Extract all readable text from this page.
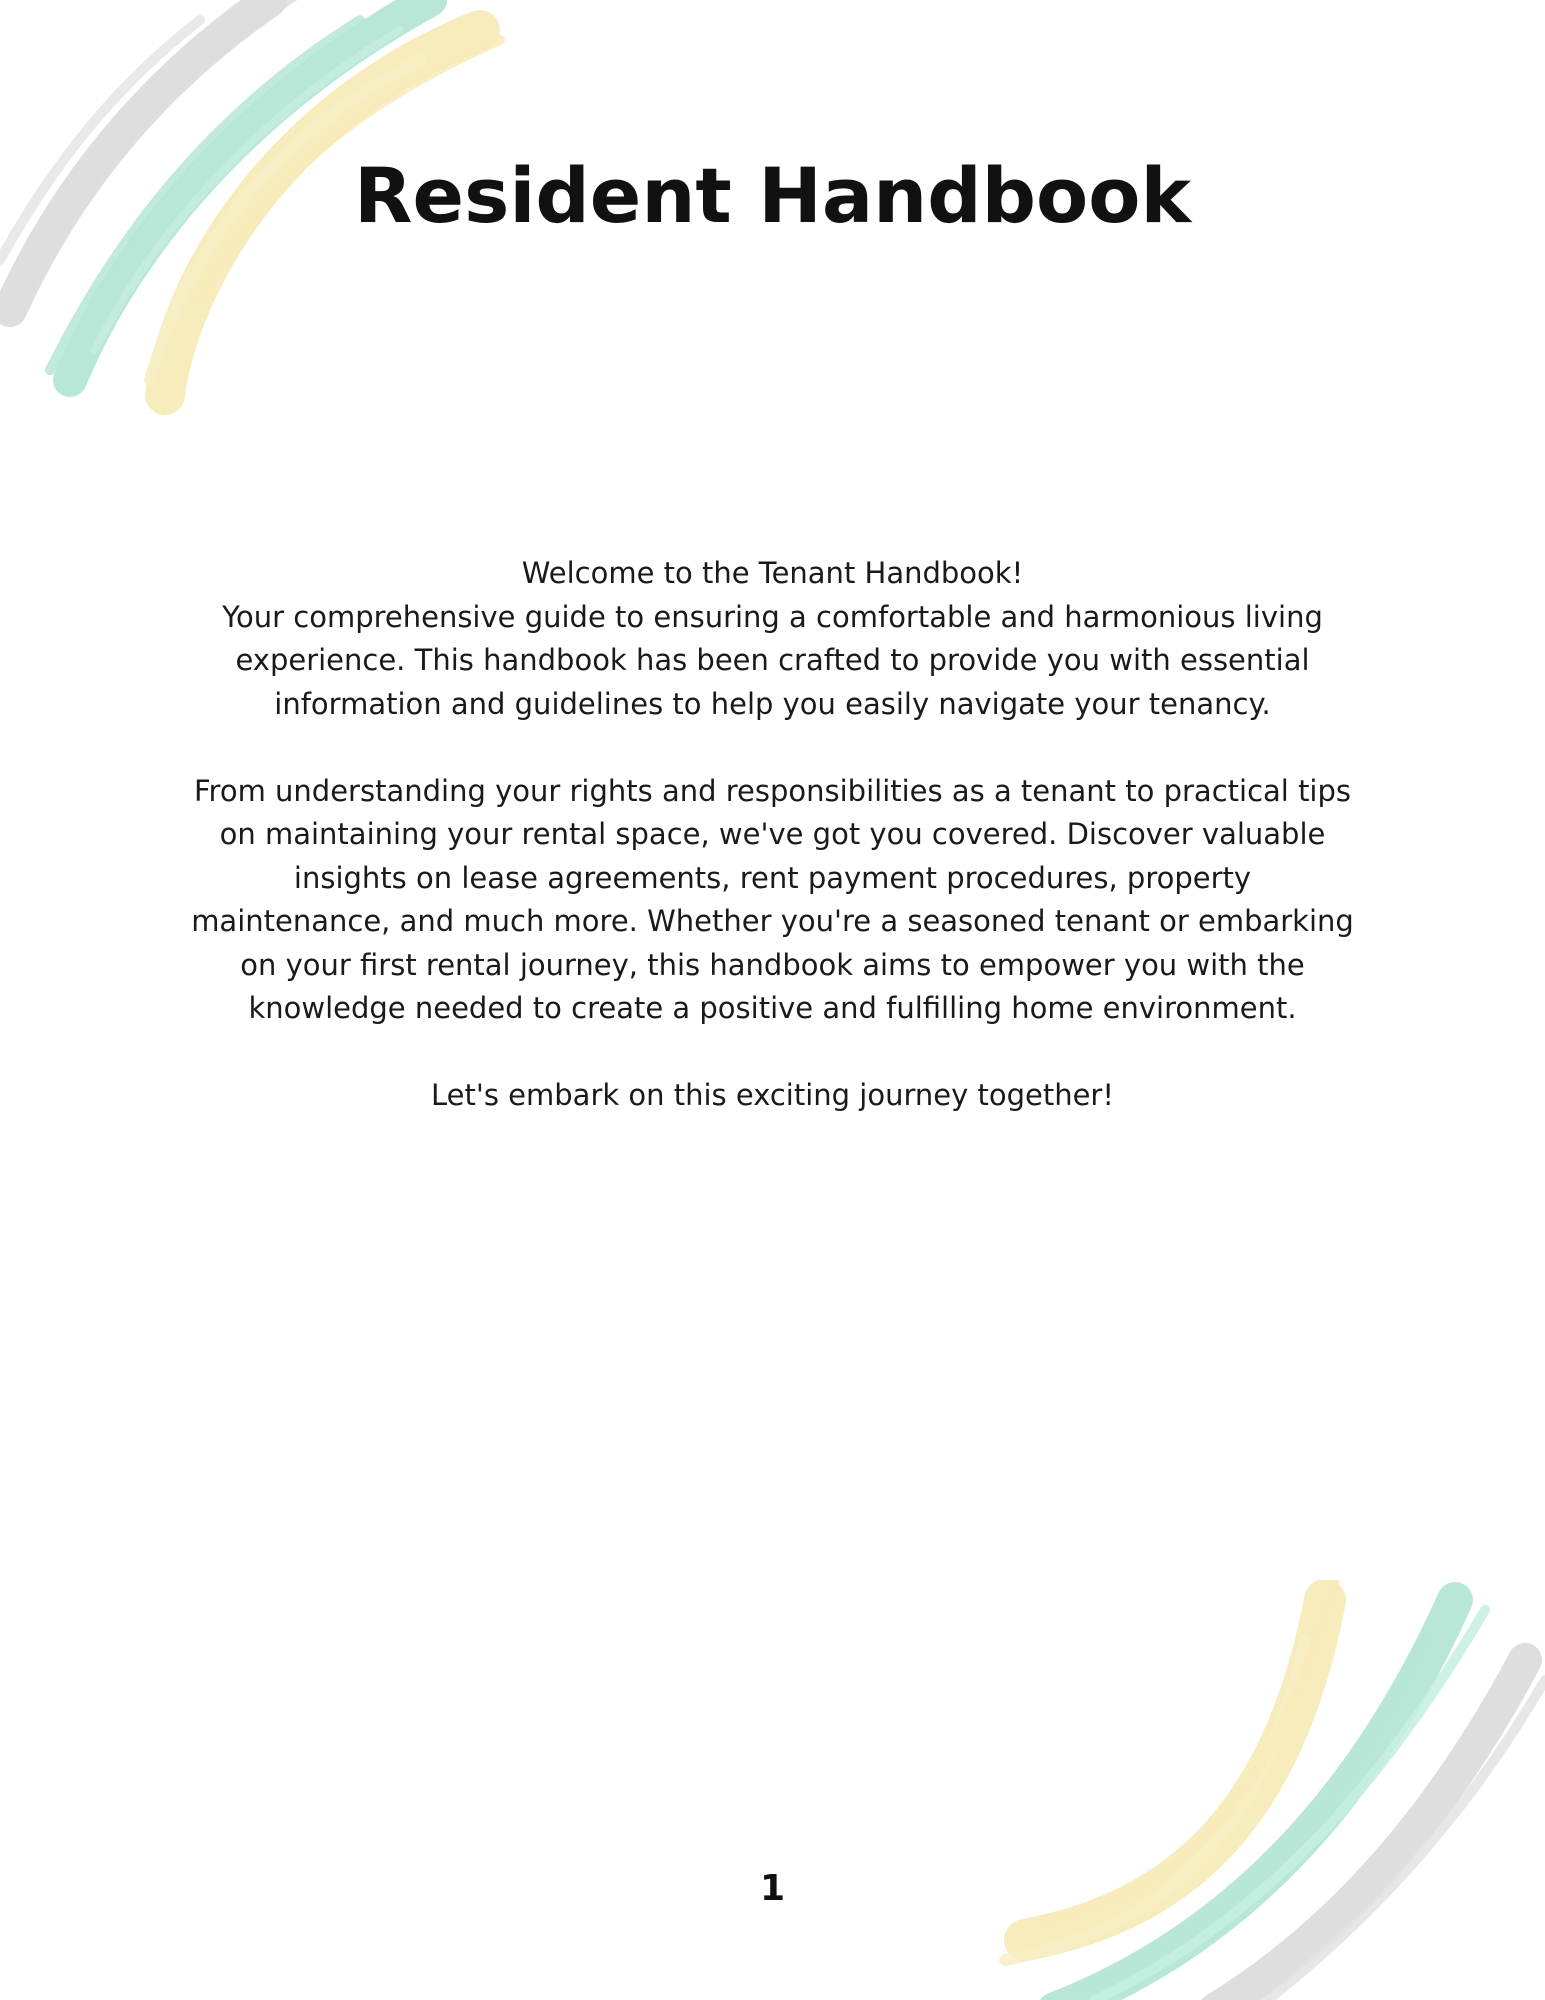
Resident Handbook

Welcome to the Tenant Handbook!

Your comprehensive guide to ensuring a comfortable and harmonious living experience. This handbook has been crafted to provide you with essential information and guidelines to help you easily navigate your tenancy.

From understanding your rights and responsibilities as a tenant to practical tips on maintaining your rental space, we've got you covered. Discover valuable insights on lease agreements, rent payment procedures, property maintenance, and much more. Whether you're a seasoned tenant or embarking on your first rental journey, this handbook aims to empower you with the knowledge needed to create a positive and fulfilling home environment.

Let's embark on this exciting journey together!

1
